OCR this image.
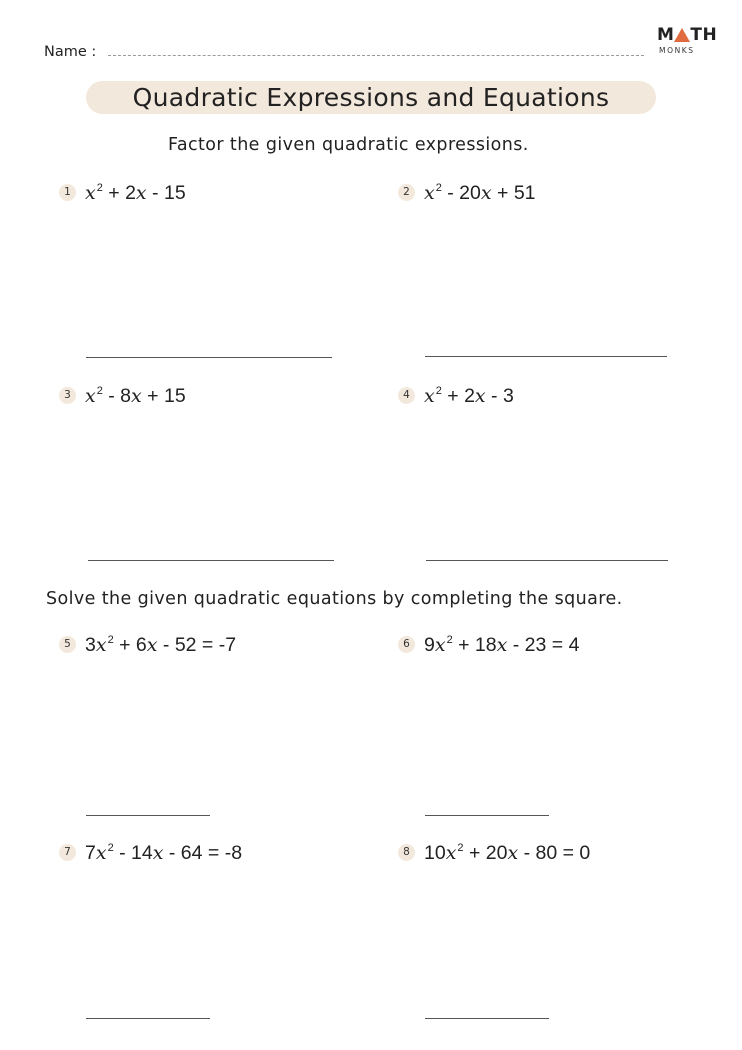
Name :
M TH
MONKS
Quadratic Expressions and Equations
Factor the given quadratic expressions.
1 $x^2 + 2x - 15$	2 $x^2 - 20x + 51$
3 $x^2 - 8x + 15$	4 $x^2 + 2x - 3$
Solve the given quadratic equations by completing the square.
5 $3x^2 + 6x - 52 = -7$	6 $9x^2 + 18x - 23 = 4$
7 $7x^2 - 14x - 64 = -8$	8 $10x^2 + 20x - 80 = 0$
